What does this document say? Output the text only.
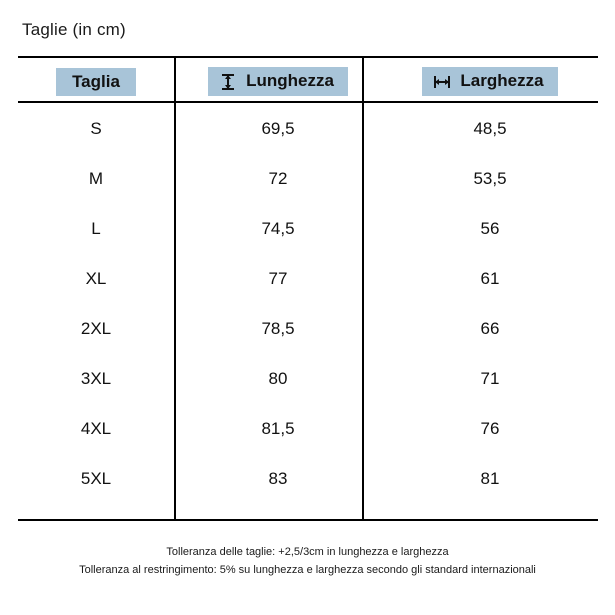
Taglie (in cm)
Taglia	Lunghezza	Larghezza

S	69,5	48,5
M	72	53,5
L	74,5	56
XL	77	61
2XL	78,5	66
3XL	80	71
4XL	81,5	76
5XL	83	81
Tolleranza delle taglie: +2,5/3cm in lunghezza e larghezza
Tolleranza al restringimento: 5% su lunghezza e larghezza secondo gli standard internazionali
